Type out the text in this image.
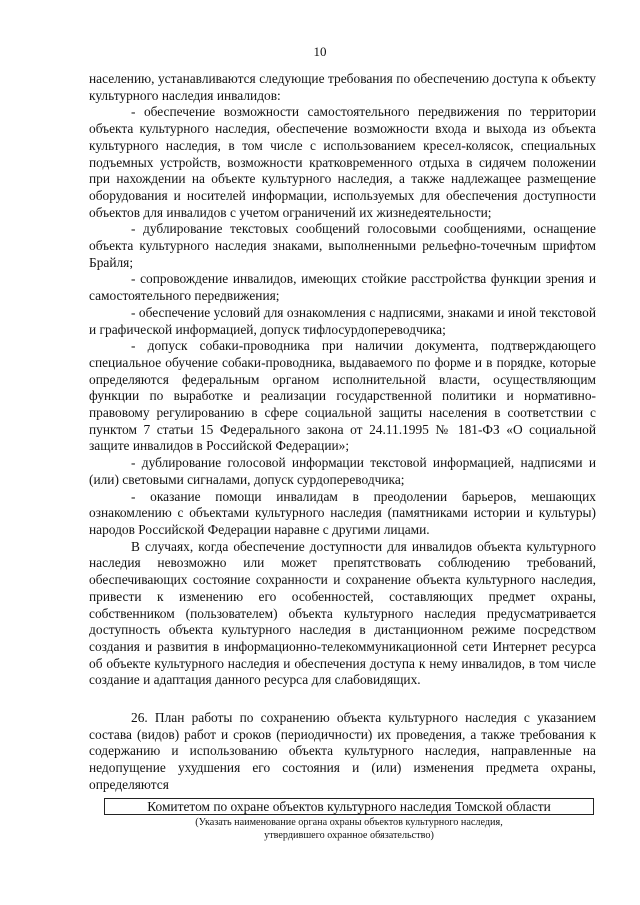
10

населению, устанавливаются следующие требования по обеспечению доступа к объекту культурного наследия инвалидов:

- обеспечение возможности самостоятельного передвижения по территории объекта культурного наследия, обеспечение возможности входа и выхода из объекта культурного наследия, в том числе с использованием кресел-колясок, специальных подъемных устройств, возможности кратковременного отдыха в сидячем положении при нахождении на объекте культурного наследия, а также надлежащее размещение оборудования и носителей информации, используемых для обеспечения доступности объектов для инвалидов с учетом ограничений их жизнедеятельности;

- дублирование текстовых сообщений голосовыми сообщениями, оснащение объекта культурного наследия знаками, выполненными рельефно-точечным шрифтом Брайля;

- сопровождение инвалидов, имеющих стойкие расстройства функции зрения и самостоятельного передвижения;

- обеспечение условий для ознакомления с надписями, знаками и иной текстовой и графической информацией, допуск тифлосурдопереводчика;

- допуск собаки-проводника при наличии документа, подтверждающего специальное обучение собаки-проводника, выдаваемого по форме и в порядке, которые определяются федеральным органом исполнительной власти, осуществляющим функции по выработке и реализации государственной политики и нормативно-правовому регулированию в сфере социальной защиты населения в соответствии с пунктом 7 статьи 15 Федерального закона от 24.11.1995 № 181-ФЗ «О социальной защите инвалидов в Российской Федерации»;

- дублирование голосовой информации текстовой информацией, надписями и (или) световыми сигналами, допуск сурдопереводчика;

- оказание помощи инвалидам в преодолении барьеров, мешающих ознакомлению с объектами культурного наследия (памятниками истории и культуры) народов Российской Федерации наравне с другими лицами.

В случаях, когда обеспечение доступности для инвалидов объекта культурного наследия невозможно или может препятствовать соблюдению требований, обеспечивающих состояние сохранности и сохранение объекта культурного наследия, привести к изменению его особенностей, составляющих предмет охраны, собственником (пользователем) объекта культурного наследия предусматривается доступность объекта культурного наследия в дистанционном режиме посредством создания и развития в информационно-телекоммуникационной сети Интернет ресурса об объекте культурного наследия и обеспечения доступа к нему инвалидов, в том числе создание и адаптация данного ресурса для слабовидящих.

26. План работы по сохранению объекта культурного наследия с указанием состава (видов) работ и сроков (периодичности) их проведения, а также требования к содержанию и использованию объекта культурного наследия, направленные на недопущение ухудшения его состояния и (или) изменения предмета охраны, определяются

Комитетом по охране объектов культурного наследия Томской области
(Указать наименование органа охраны объектов культурного наследия,
утвердившего охранное обязательство)
